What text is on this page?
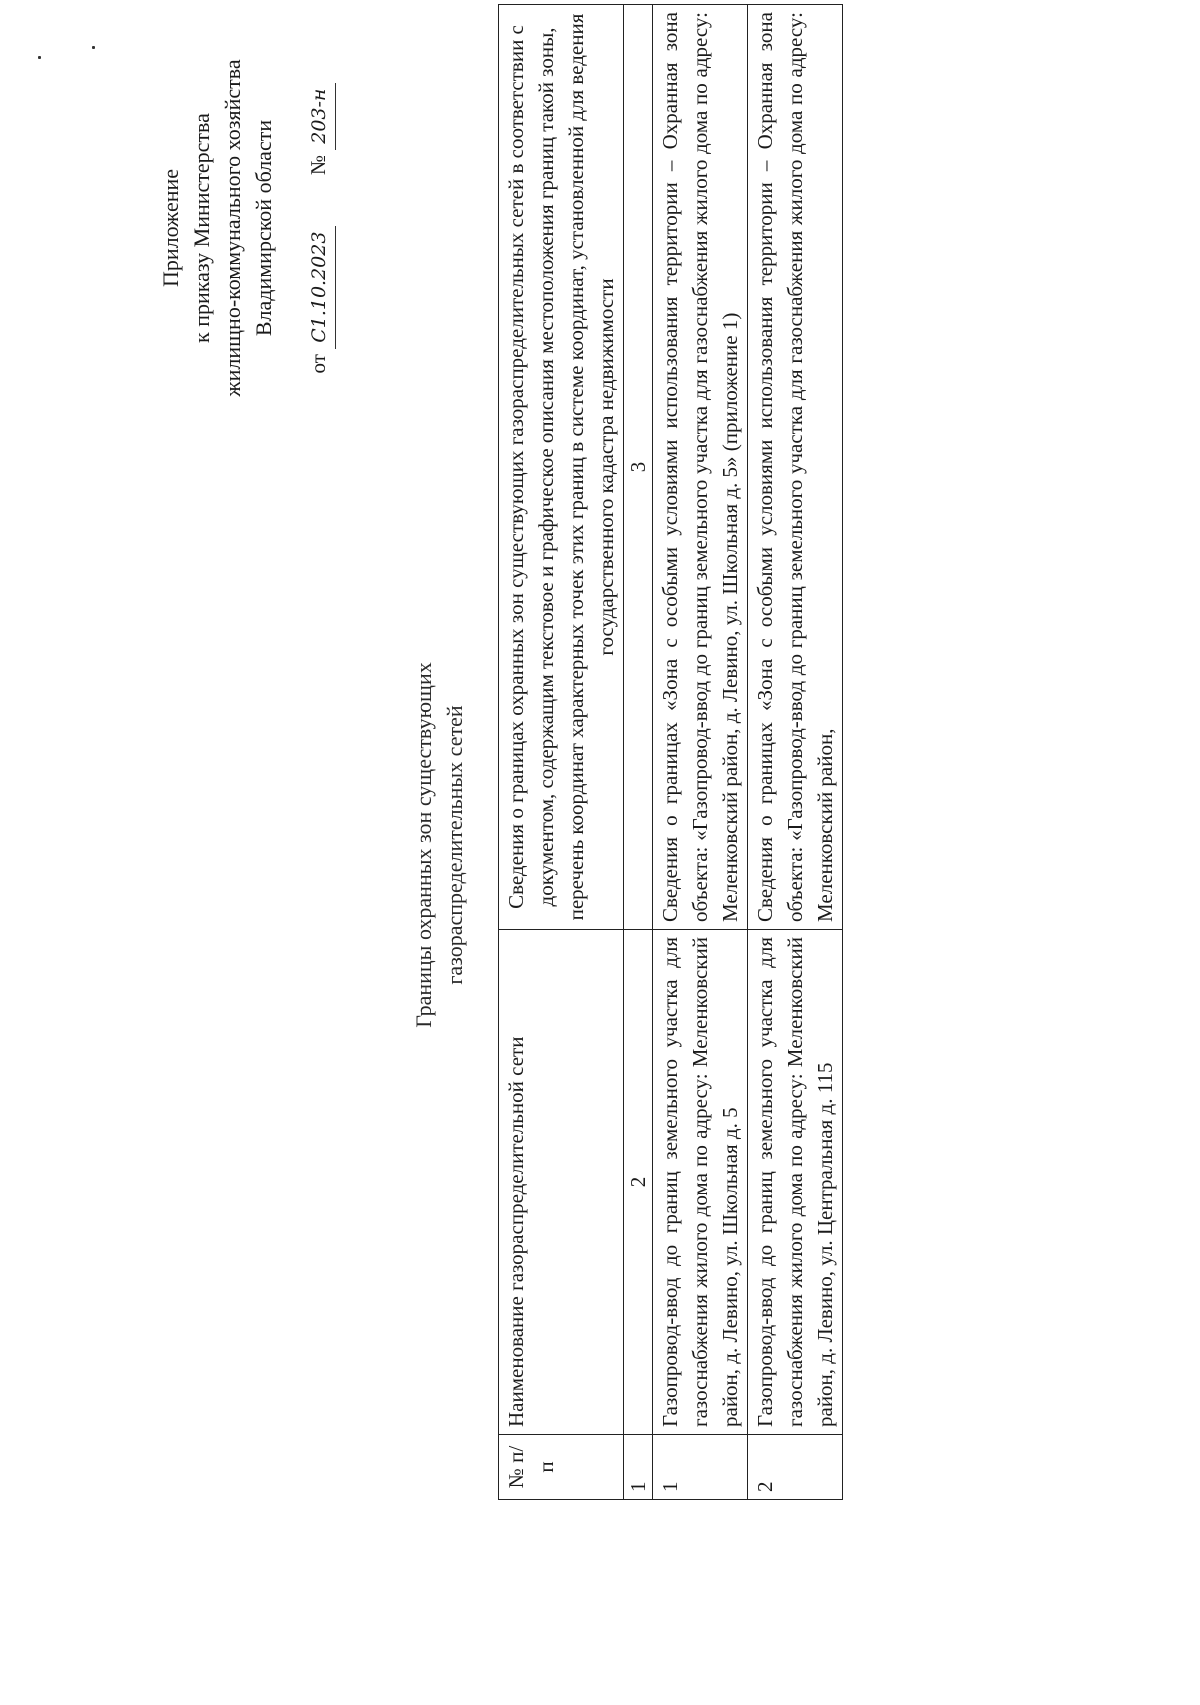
Приложение к приказу Министерства жилищно-коммунального хозяйства Владимирской области
от С1.10.2023  № 203-н
Границы охранных зон существующих газораспределительных сетей
№ п/п	Наименование газораспределительной сети	Сведения о границах охранных зон существующих газораспределительных сетей в соответствии с документом, содержащим текстовое и графическое описания местоположения границ такой зоны, перечень координат характерных точек этих границ в системе координат, установленной для ведения государственного кадастра недвижимости
1	2	3
1	Газопровод-ввод до границ земельного участка для газоснабжения жилого дома по адресу: Меленковский район, д. Левино, ул. Школьная д. 5	Сведения о границах «Зона с особыми условиями использования территории – Охранная зона объекта: «Газопровод-ввод до границ земельного участка для газоснабжения жилого дома по адресу: Меленковский район, д. Левино, ул. Школьная д. 5» (приложение 1)
2	Газопровод-ввод до границ земельного участка для газоснабжения жилого дома по адресу: Меленковский район, д. Левино, ул. Центральная д. 115	Сведения о границах «Зона с особыми условиями использования территории – Охранная зона объекта: «Газопровод-ввод до границ земельного участка для газоснабжения жилого дома по адресу: Меленковский район,
